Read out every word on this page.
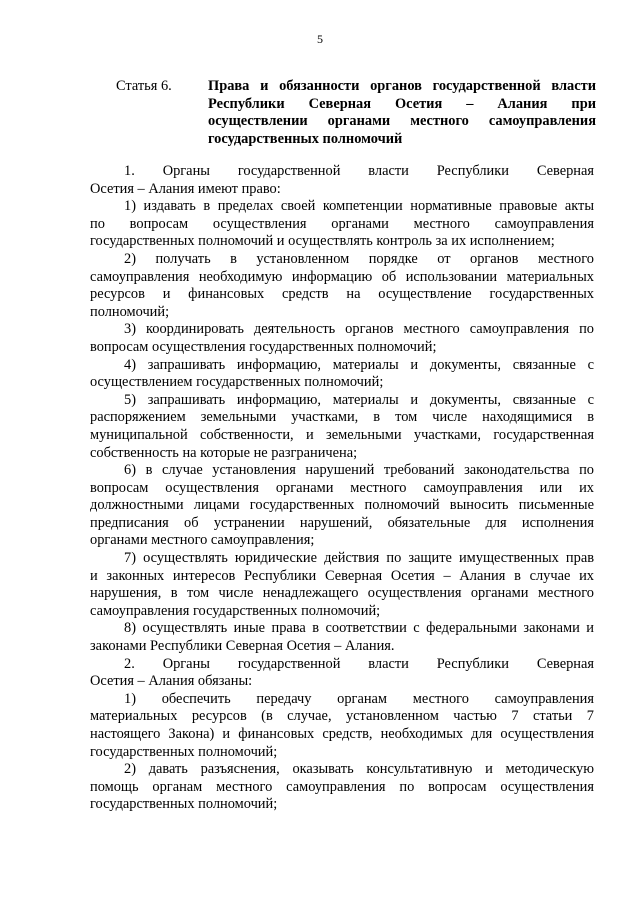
5
Статья 6.	Права и обязанности органов государственной власти
Республики Северная Осетия – Алания при
осуществлении органами местного самоуправления
государственных полномочий
1. Органы государственной власти Республики Северная
Осетия – Алания имеют право:
1) издавать в пределах своей компетенции нормативные правовые акты
по вопросам осуществления органами местного самоуправления
государственных полномочий и осуществлять контроль за их исполнением;
2) получать в установленном порядке от органов местного
самоуправления необходимую информацию об использовании материальных
ресурсов и финансовых средств на осуществление государственных
полномочий;
3) координировать деятельность органов местного самоуправления по
вопросам осуществления государственных полномочий;
4) запрашивать информацию, материалы и документы, связанные с
осуществлением государственных полномочий;
5) запрашивать информацию, материалы и документы, связанные с
распоряжением земельными участками, в том числе находящимися в
муниципальной собственности, и земельными участками, государственная
собственность на которые не разграничена;
6) в случае установления нарушений требований законодательства по
вопросам осуществления органами местного самоуправления или их
должностными лицами государственных полномочий выносить письменные
предписания об устранении нарушений, обязательные для исполнения
органами местного самоуправления;
7) осуществлять юридические действия по защите имущественных прав
и законных интересов Республики Северная Осетия – Алания в случае их
нарушения, в том числе ненадлежащего осуществления органами местного
самоуправления государственных полномочий;
8) осуществлять иные права в соответствии с федеральными законами и
законами Республики Северная Осетия – Алания.
2. Органы государственной власти Республики Северная
Осетия – Алания обязаны:
1) обеспечить передачу органам местного самоуправления
материальных ресурсов (в случае, установленном частью 7 статьи 7
настоящего Закона) и финансовых средств, необходимых для осуществления
государственных полномочий;
2) давать разъяснения, оказывать консультативную и методическую
помощь органам местного самоуправления по вопросам осуществления
государственных полномочий;
